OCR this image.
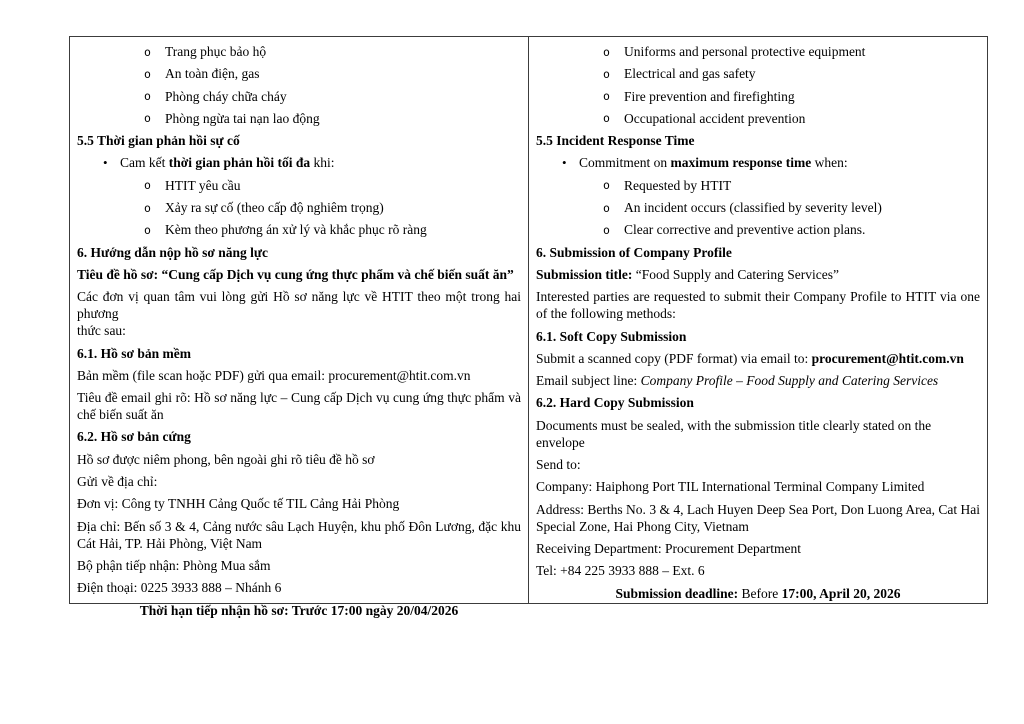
o Trang phục bảo hộ
o An toàn điện, gas
o Phòng cháy chữa cháy
o Phòng ngừa tai nạn lao động
5.5 Thời gian phản hồi sự cố
• Cam kết thời gian phản hồi tối đa khi:
o HTIT yêu cầu
o Xảy ra sự cố (theo cấp độ nghiêm trọng)
o Kèm theo phương án xử lý và khắc phục rõ ràng
6. Hướng dẫn nộp hồ sơ năng lực
Tiêu đề hồ sơ: “Cung cấp Dịch vụ cung ứng thực phẩm và chế biến suất ăn”
Các đơn vị quan tâm vui lòng gửi Hồ sơ năng lực về HTIT theo một trong hai phương
thức sau:
6.1. Hồ sơ bản mềm
Bản mềm (file scan hoặc PDF) gửi qua email: procurement@htit.com.vn
Tiêu đề email ghi rõ: Hồ sơ năng lực – Cung cấp Dịch vụ cung ứng thực phẩm và
chế biến suất ăn
6.2. Hồ sơ bản cứng
Hồ sơ được niêm phong, bên ngoài ghi rõ tiêu đề hồ sơ
Gửi về địa chỉ:
Đơn vị: Công ty TNHH Cảng Quốc tế TIL Cảng Hải Phòng
Địa chỉ: Bến số 3 & 4, Cảng nước sâu Lạch Huyện, khu phố Đôn Lương, đặc khu
Cát Hải, TP. Hải Phòng, Việt Nam
Bộ phận tiếp nhận: Phòng Mua sắm
Điện thoại: 0225 3933 888 – Nhánh 6
Thời hạn tiếp nhận hồ sơ: Trước 17:00 ngày 20/04/2026
o Uniforms and personal protective equipment
o Electrical and gas safety
o Fire prevention and firefighting
o Occupational accident prevention
5.5 Incident Response Time
• Commitment on maximum response time when:
o Requested by HTIT
o An incident occurs (classified by severity level)
o Clear corrective and preventive action plans.
6. Submission of Company Profile
Submission title: “Food Supply and Catering Services”
Interested parties are requested to submit their Company Profile to HTIT via one
of the following methods:
6.1. Soft Copy Submission
Submit a scanned copy (PDF format) via email to: procurement@htit.com.vn
Email subject line: Company Profile – Food Supply and Catering Services
6.2. Hard Copy Submission
Documents must be sealed, with the submission title clearly stated on the envelope
Send to:
Company: Haiphong Port TIL International Terminal Company Limited
Address: Berths No. 3 & 4, Lach Huyen Deep Sea Port, Don Luong Area, Cat Hai
Special Zone, Hai Phong City, Vietnam
Receiving Department: Procurement Department
Tel: +84 225 3933 888 – Ext. 6
Submission deadline: Before 17:00, April 20, 2026
